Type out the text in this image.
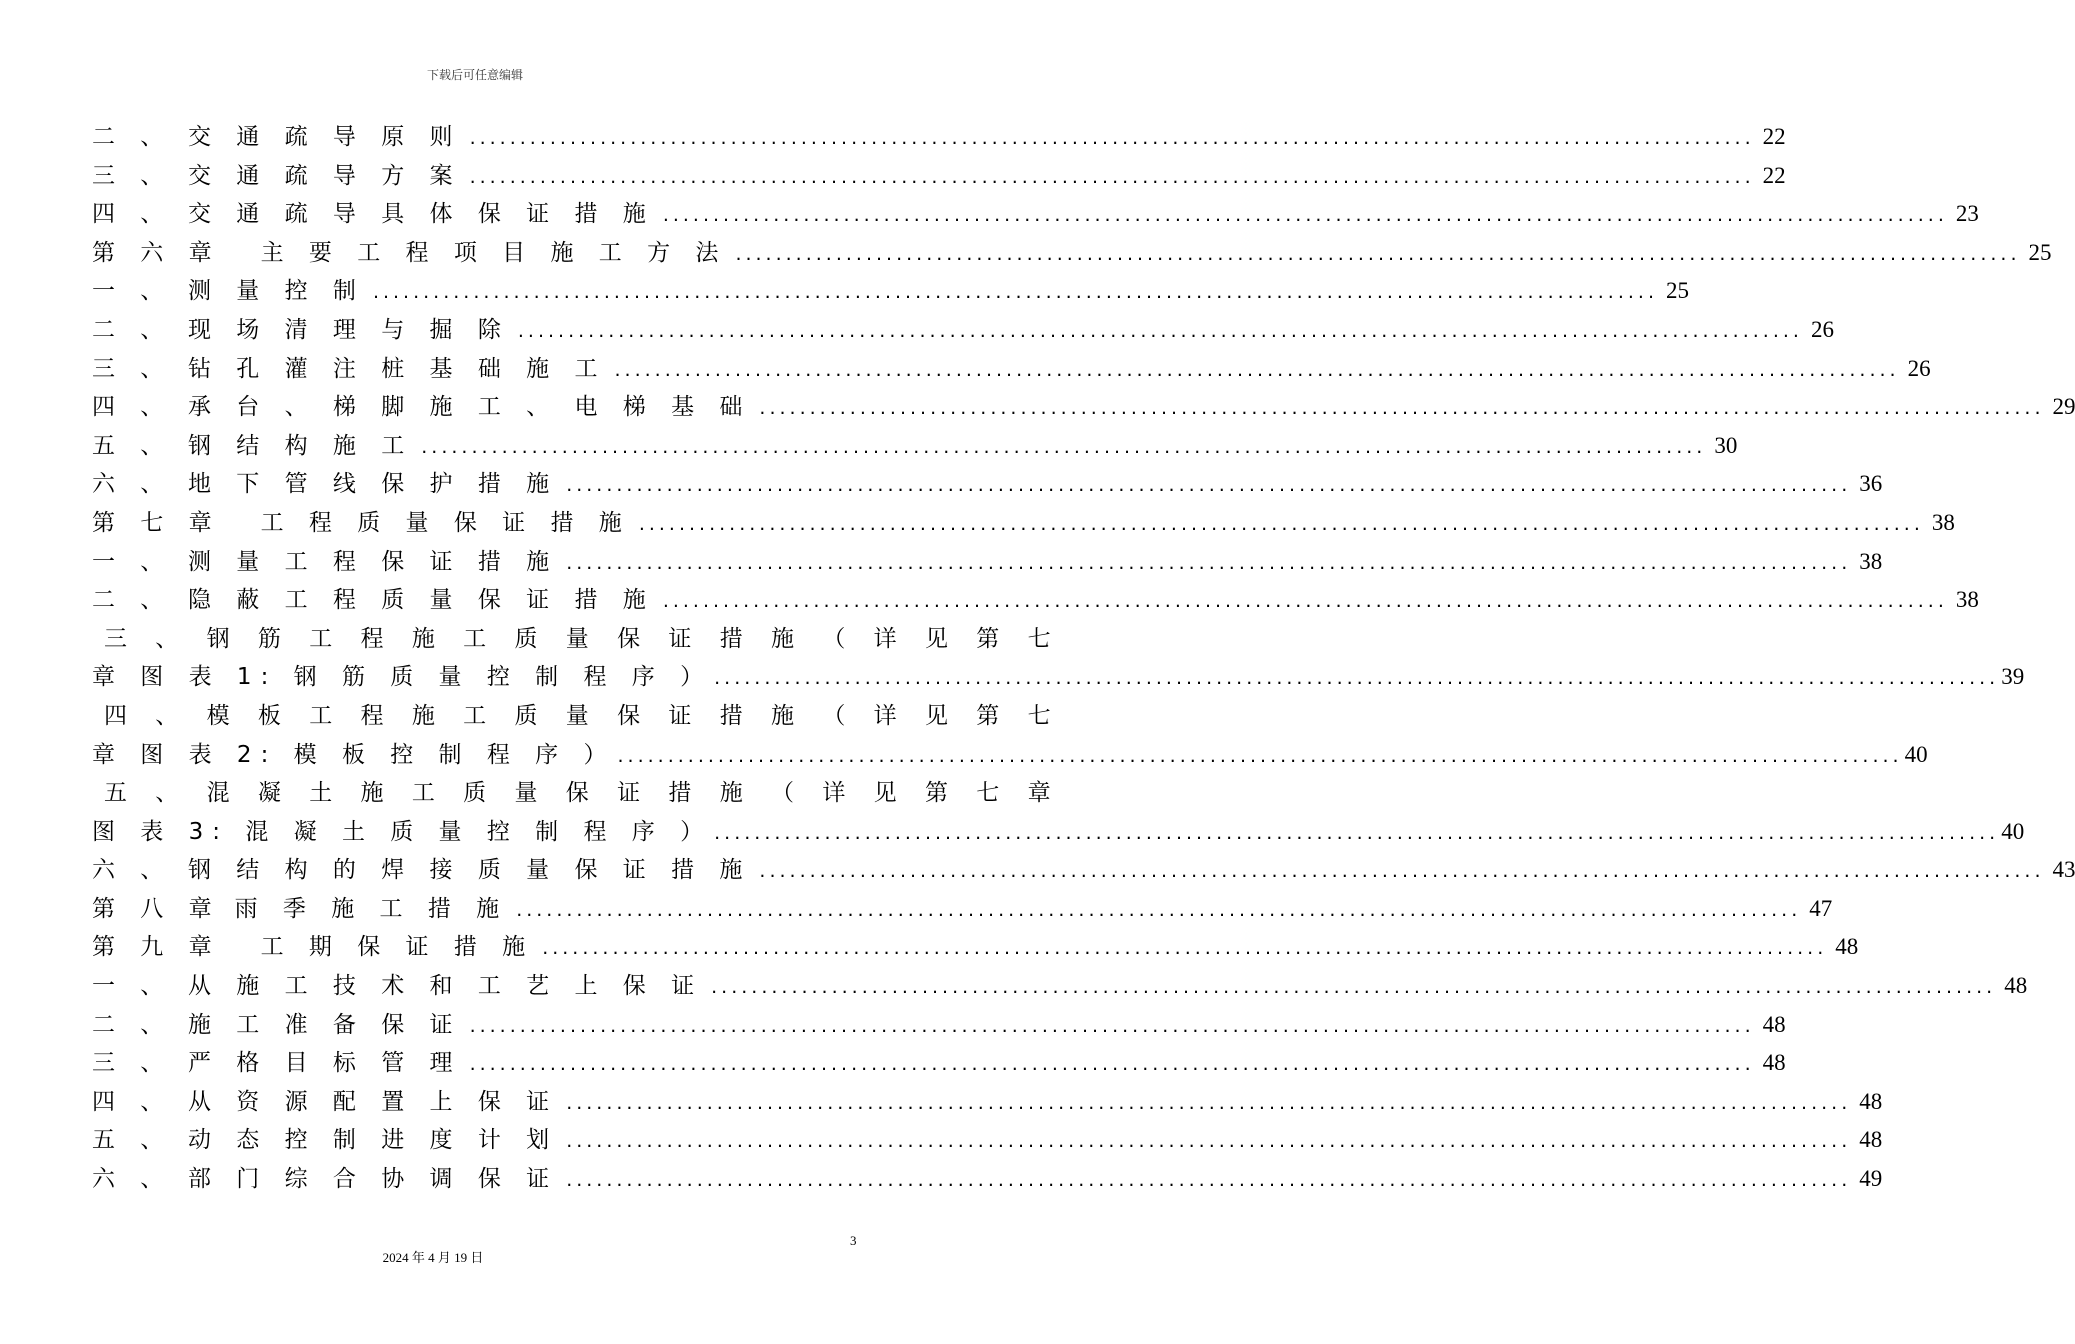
下载后可任意编辑
二 、 交 通 疏 导 原 则 .....	22
三 、 交 通 疏 导 方 案 .....	22
四 、 交 通 疏 导 具 体 保 证 措 施 .....	23
第 六 章 主 要 工 程 项 目 施 工 方 法 .....	25
一 、 测 量 控 制 .....	25
二 、 现 场 清 理 与 掘 除 .....	26
三 、 钻 孔 灌 注 桩 基 础 施 工 .....	26
四 、 承 台 、 梯 脚 施 工 、 电 梯 基 础 .....	29
五 、 钢 结 构 施 工 .....	30
六 、 地 下 管 线 保 护 措 施 .....	36
第 七 章 工 程 质 量 保 证 措 施 .....	38
一 、 测 量 工 程 保 证 措 施 .....	38
二 、 隐 蔽 工 程 质 量 保 证 措 施 .....	38
三 、 钢 筋 工 程 施 工 质 量 保 证 措 施 （ 详 见 第 七
章 图 表 1: 钢 筋 质 量 控 制 程 序 ） .....	39
四 、 模 板 工 程 施 工 质 量 保 证 措 施 （ 详 见 第 七
章 图 表 2: 模 板 控 制 程 序 ） .....	40
五 、 混 凝 土 施 工 质 量 保 证 措 施 （ 详 见 第 七 章
图 表 3: 混 凝 土 质 量 控 制 程 序 ） .....	40
六 、 钢 结 构 的 焊 接 质 量 保 证 措 施 .....	43
第 八 章 雨 季 施 工 措 施 .....	47
第 九 章 工 期 保 证 措 施 .....	48
一 、 从 施 工 技 术 和 工 艺 上 保 证 .....	48
二 、 施 工 准 备 保 证 .....	48
三 、 严 格 目 标 管 理 .....	48
四 、 从 资 源 配 置 上 保 证 .....	48
五 、 动 态 控 制 进 度 计 划 .....	48
六 、 部 门 综 合 协 调 保 证 .....	49
3
2024 年 4 月 19 日
